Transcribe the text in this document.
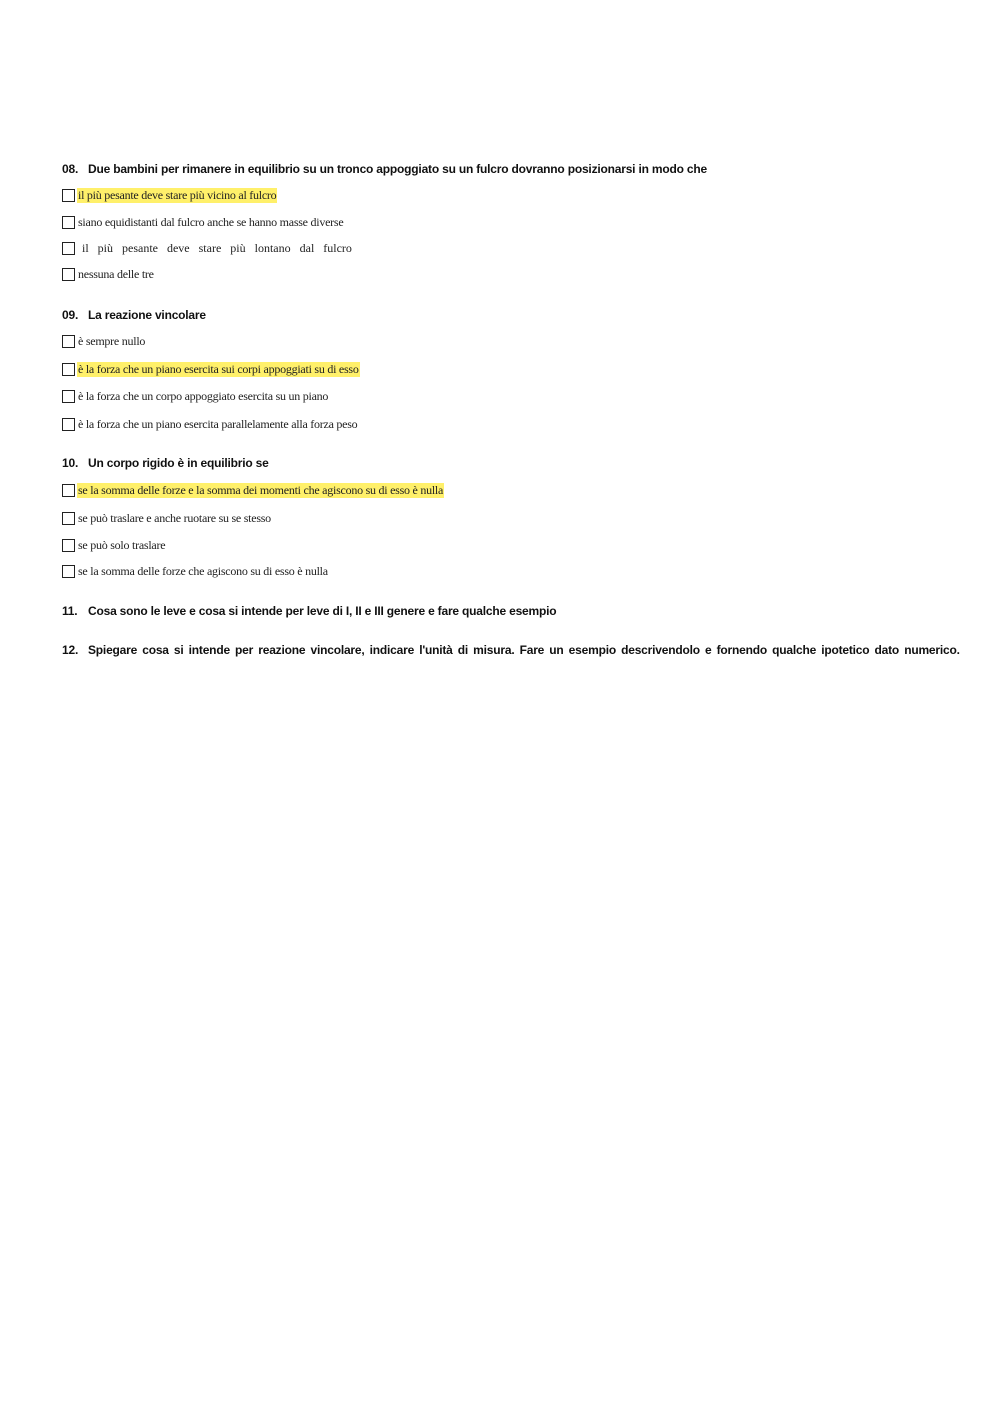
08. Due bambini per rimanere in equilibrio su un tronco appoggiato su un fulcro dovranno posizionarsi in modo che
il più pesante deve stare più vicino al fulcro
siano equidistanti dal fulcro anche se hanno masse diverse
il più pesante deve stare più lontano dal fulcro
nessuna delle tre
09. La reazione vincolare
è sempre nullo
è la forza che un piano esercita sui corpi appoggiati su di esso
è la forza che un corpo appoggiato esercita su un piano
è la forza che un piano esercita parallelamente alla forza peso
10. Un corpo rigido è in equilibrio se
se la somma delle forze e la somma dei momenti che agiscono su di esso è nulla
se può traslare e anche ruotare su se stesso
se può solo traslare
se la somma delle forze che agiscono su di esso è nulla
11. Cosa sono le leve e cosa si intende per leve di I, II e III genere e fare qualche esempio
12. Spiegare cosa si intende per reazione vincolare, indicare l'unità di misura. Fare un esempio descrivendolo e fornendo qualche ipotetico dato numerico.
